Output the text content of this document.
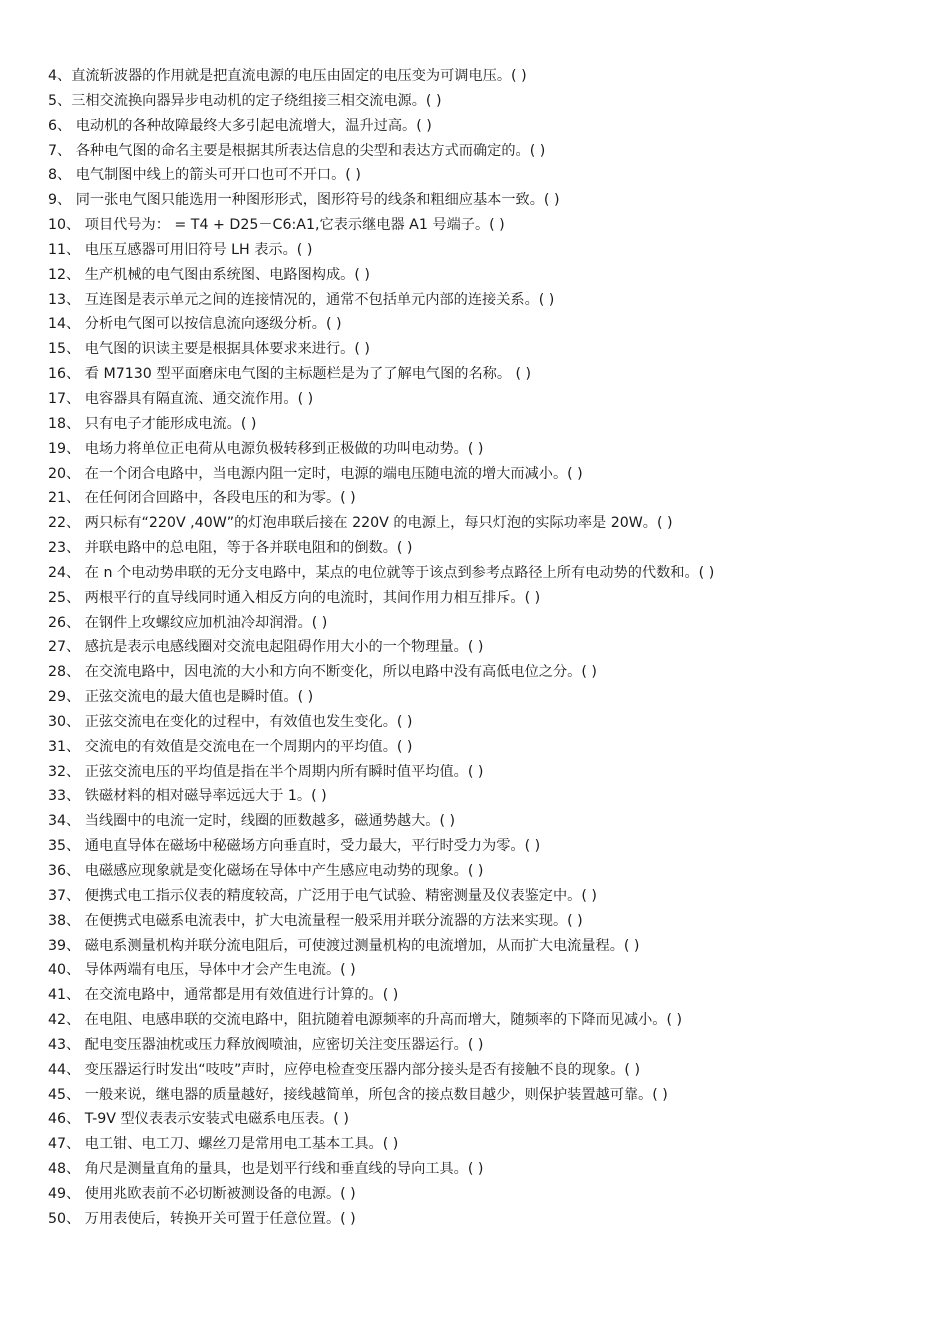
4、直流斩波器的作用就是把直流电源的电压由固定的电压变为可调电压。( )
5、三相交流换向器异步电动机的定子绕组接三相交流电源。( )
6、 电动机的各种故障最终大多引起电流增大，温升过高。( )
7、 各种电气图的命名主要是根据其所表达信息的尖型和表达方式而确定的。( )
8、 电气制图中线上的箭头可开口也可不开口。( )
9、 同一张电气图只能选用一种图形形式，图形符号的线条和粗细应基本一致。( )
10、 项目代号为： = T4 + D25－C6:A1,它表示继电器 A1 号端子。( )
11、 电压互感器可用旧符号 LH 表示。( )
12、 生产机械的电气图由系统图、电路图构成。( )
13、 互连图是表示单元之间的连接情况的，通常不包括单元内部的连接关系。( )
14、 分析电气图可以按信息流向逐级分析。( )
15、 电气图的识读主要是根据具体要求来进行。( )
16、 看 M7130 型平面磨床电气图的主标题栏是为了了解电气图的名称。 ( )
17、 电容器具有隔直流、通交流作用。( )
18、 只有电子才能形成电流。( )
19、 电场力将单位正电荷从电源负极转移到正极做的功叫电动势。( )
20、 在一个闭合电路中，当电源内阻一定时，电源的端电压随电流的增大而减小。( )
21、 在任何闭合回路中，各段电压的和为零。( )
22、 两只标有“220V ,40W”的灯泡串联后接在 220V 的电源上，每只灯泡的实际功率是 20W。( )
23、 并联电路中的总电阻，等于各并联电阻和的倒数。( )
24、 在 n 个电动势串联的无分支电路中，某点的电位就等于该点到参考点路径上所有电动势的代数和。( )
25、 两根平行的直导线同时通入相反方向的电流时，其间作用力相互排斥。( )
26、 在钢件上攻螺纹应加机油冷却润滑。( )
27、 感抗是表示电感线圈对交流电起阻碍作用大小的一个物理量。( )
28、 在交流电路中，因电流的大小和方向不断变化，所以电路中没有高低电位之分。( )
29、 正弦交流电的最大值也是瞬时值。( )
30、 正弦交流电在变化的过程中，有效值也发生变化。( )
31、 交流电的有效值是交流电在一个周期内的平均值。( )
32、 正弦交流电压的平均值是指在半个周期内所有瞬时值平均值。( )
33、 铁磁材料的相对磁导率远远大于 1。( )
34、 当线圈中的电流一定时，线圈的匝数越多，磁通势越大。( )
35、 通电直导体在磁场中秘磁场方向垂直时，受力最大，平行时受力为零。( )
36、 电磁感应现象就是变化磁场在导体中产生感应电动势的现象。( )
37、 便携式电工指示仪表的精度较高，广泛用于电气试验、精密测量及仪表鉴定中。( )
38、 在便携式电磁系电流表中，扩大电流量程一般采用并联分流器的方法来实现。( )
39、 磁电系测量机构并联分流电阻后，可使渡过测量机构的电流增加，从而扩大电流量程。( )
40、 导体两端有电压，导体中才会产生电流。( )
41、 在交流电路中，通常都是用有效值进行计算的。( )
42、 在电阻、电感串联的交流电路中，阻抗随着电源频率的升高而增大，随频率的下降而见减小。( )
43、 配电变压器油枕或压力释放阀喷油，应密切关注变压器运行。( )
44、 变压器运行时发出“吱吱”声时，应停电检查变压器内部分接头是否有接触不良的现象。( )
45、 一般来说，继电器的质量越好，接线越简单，所包含的接点数目越少，则保护装置越可靠。( )
46、 T-9V 型仪表表示安装式电磁系电压表。( )
47、 电工钳、电工刀、螺丝刀是常用电工基本工具。( )
48、 角尺是测量直角的量具，也是划平行线和垂直线的导向工具。( )
49、 使用兆欧表前不必切断被测设备的电源。( )
50、 万用表使后，转换开关可置于任意位置。( )
